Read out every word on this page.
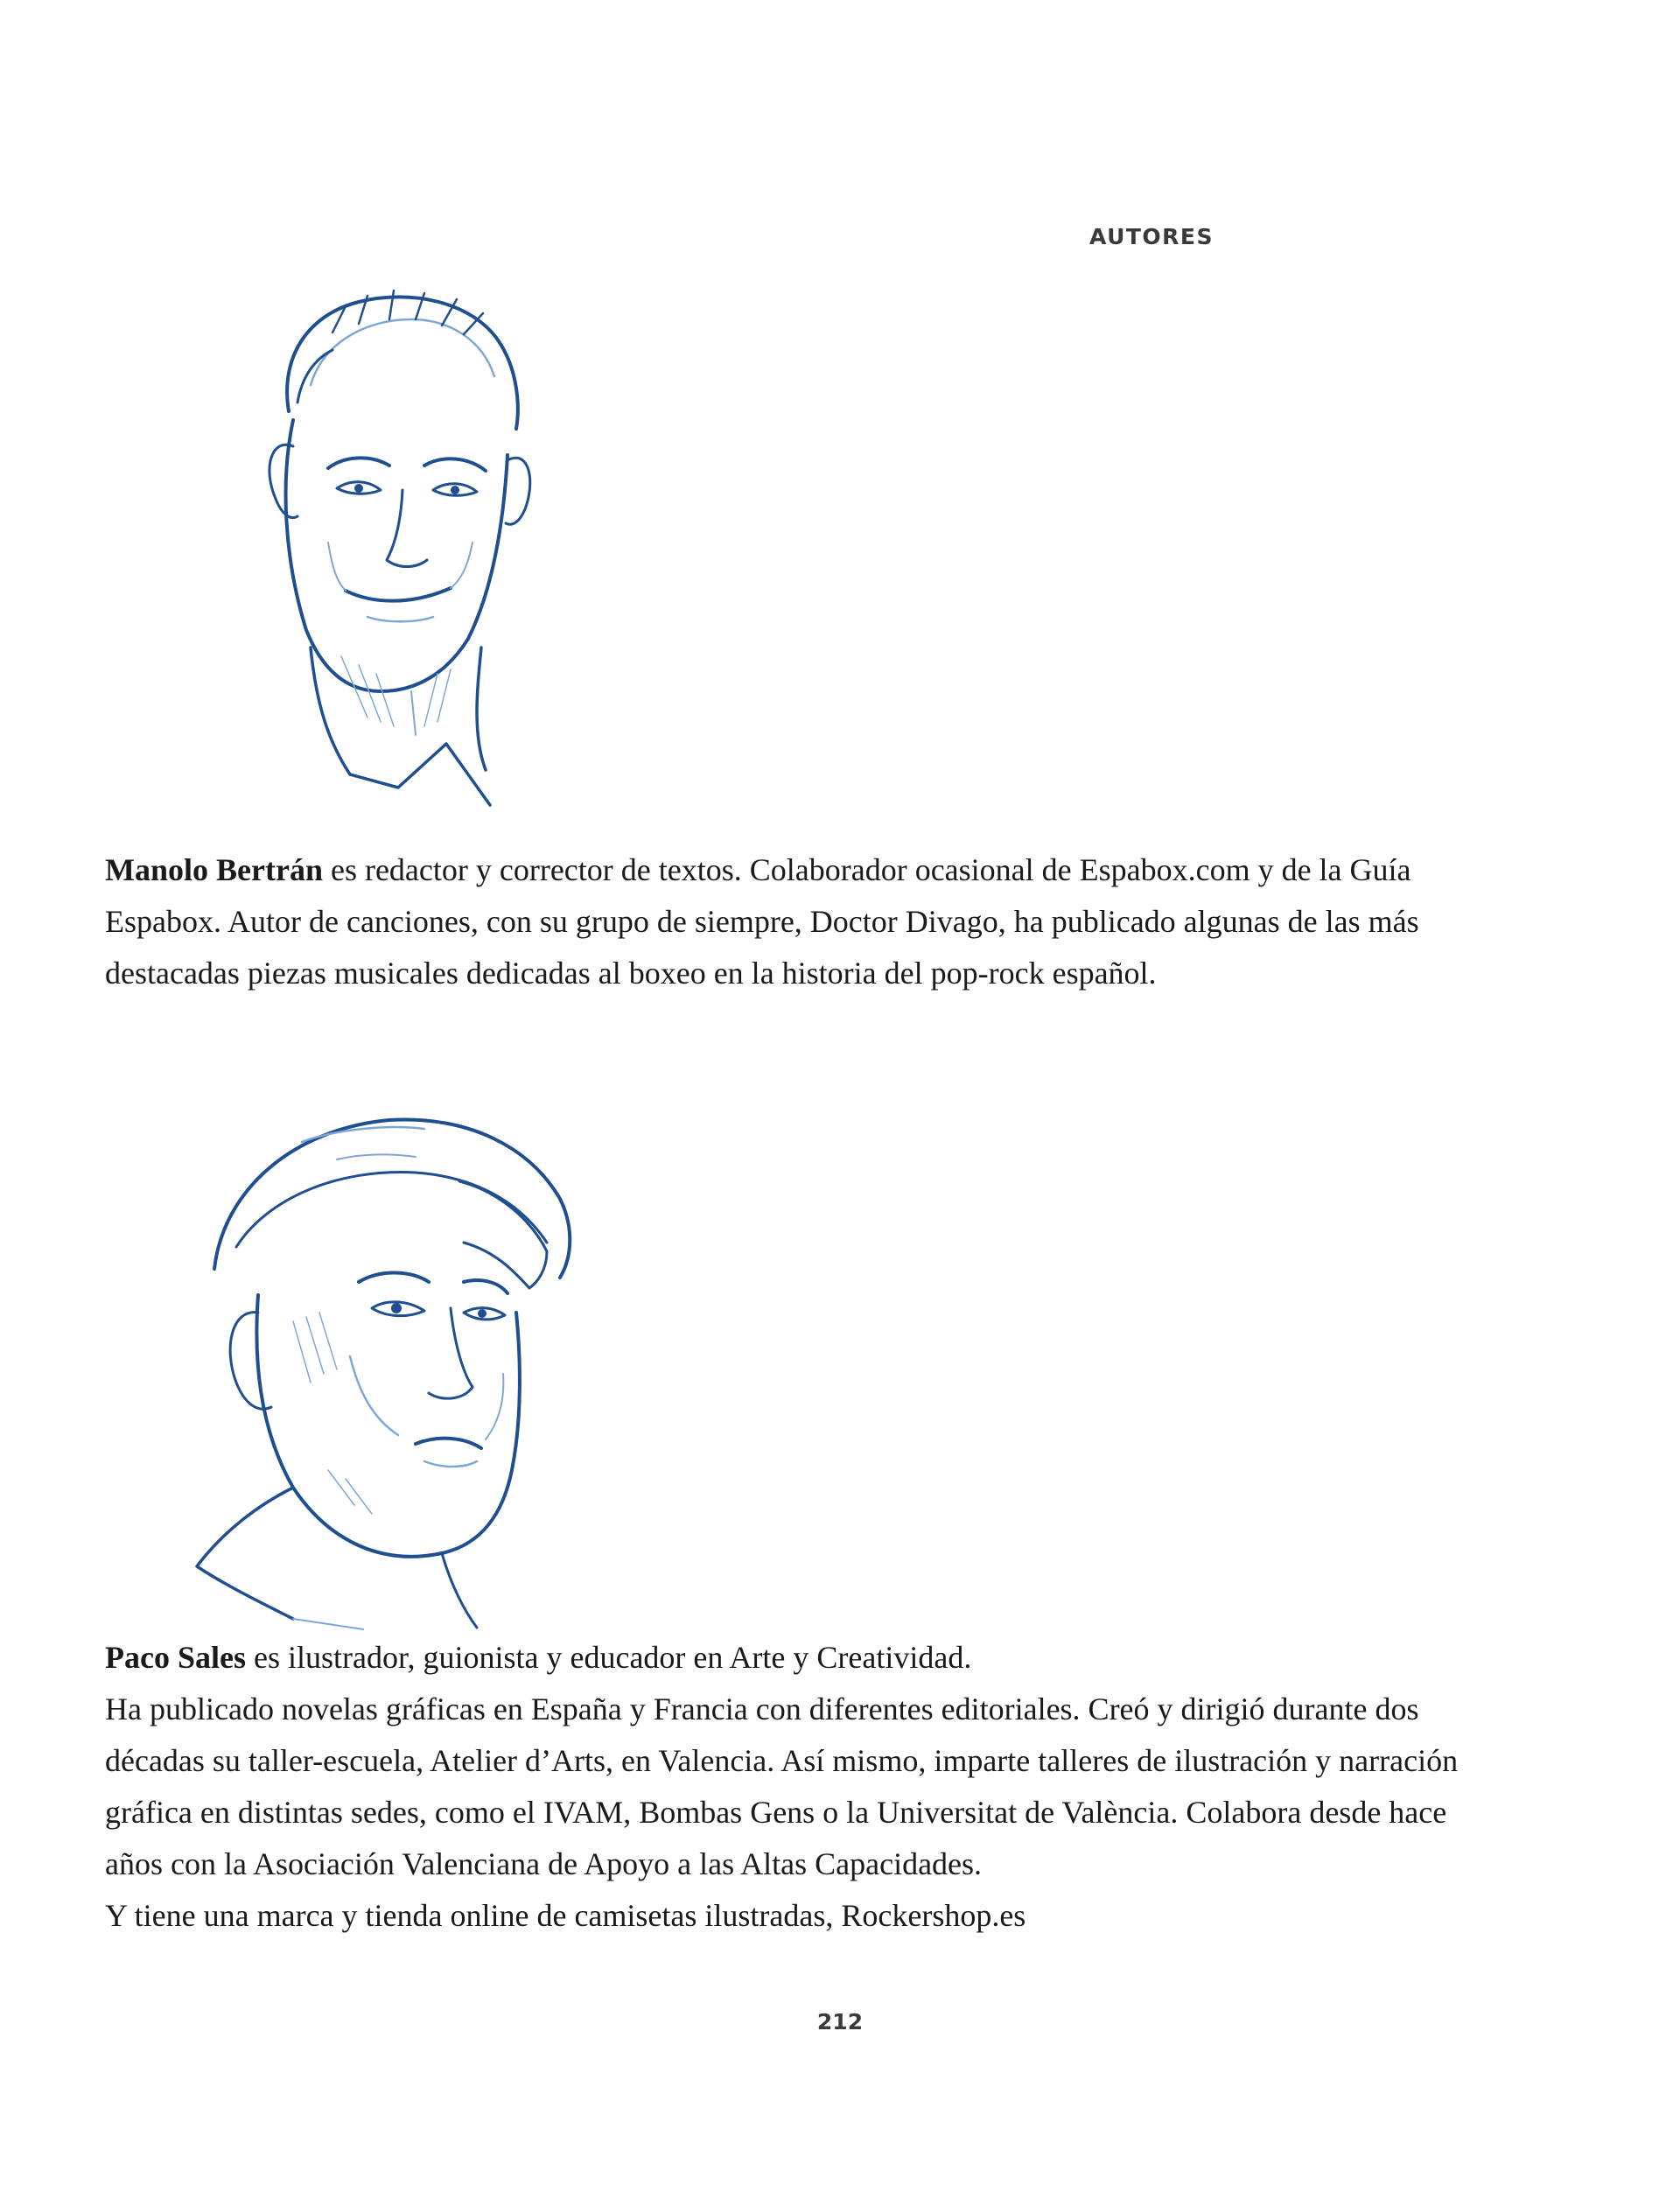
AUTORES

Manolo Bertrán es redactor y corrector de textos. Colaborador ocasional de Espabox.com y de la Guía Espabox. Autor de canciones, con su grupo de siempre, Doctor Divago, ha publicado algunas de las más destacadas piezas musicales dedicadas al boxeo en la historia del pop-rock español.

Paco Sales es ilustrador, guionista y educador en Arte y Creatividad.

Ha publicado novelas gráficas en España y Francia con diferentes editoriales. Creó y dirigió durante dos décadas su taller-escuela, Atelier d’Arts, en Valencia. Así mismo, imparte talleres de ilustración y narración gráfica en distintas sedes, como el IVAM, Bombas Gens o la Universitat de València. Colabora desde hace años con la Asociación Valenciana de Apoyo a las Altas Capacidades.

Y tiene una marca y tienda online de camisetas ilustradas, Rockershop.es

212
